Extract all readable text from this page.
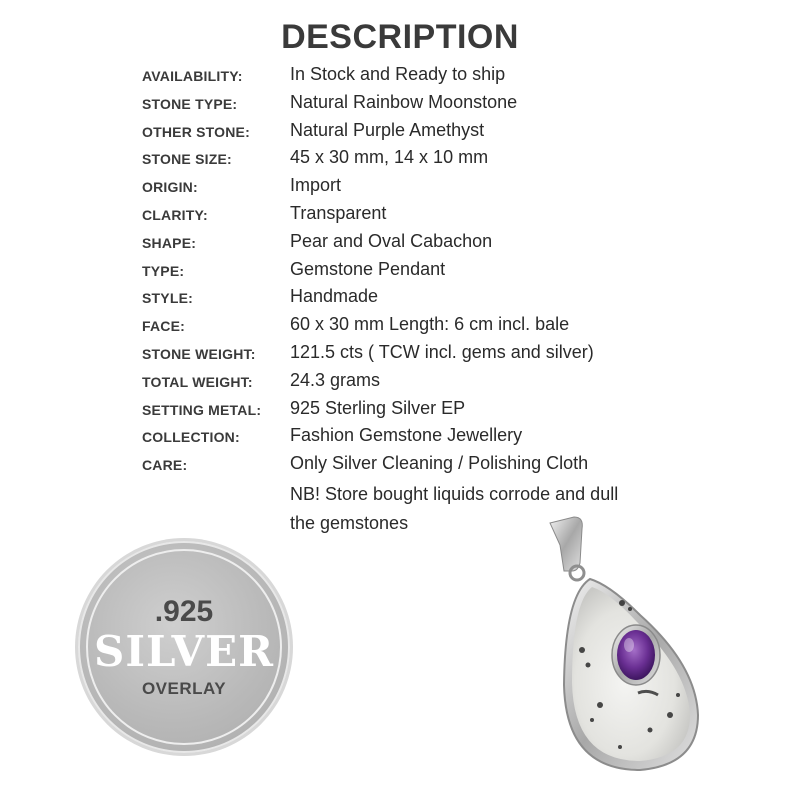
DESCRIPTION
AVAILABILITY:	In Stock and Ready to ship
STONE TYPE:	Natural Rainbow Moonstone
OTHER STONE:	Natural Purple Amethyst
STONE SIZE:	45 x 30 mm, 14 x 10 mm
ORIGIN:	Import
CLARITY:	Transparent
SHAPE:	Pear and Oval Cabachon
TYPE:	Gemstone Pendant
STYLE:	Handmade
FACE:	60 x 30 mm Length: 6 cm incl. bale
STONE WEIGHT:	121.5 cts ( TCW incl. gems and silver)
TOTAL WEIGHT:	24.3 grams
SETTING METAL:	925 Sterling Silver EP
COLLECTION:	Fashion Gemstone Jewellery
CARE:	Only Silver Cleaning / Polishing Cloth
NB! Store bought liquids corrode and dull
the gemstones
.925
SILVER
OVERLAY
